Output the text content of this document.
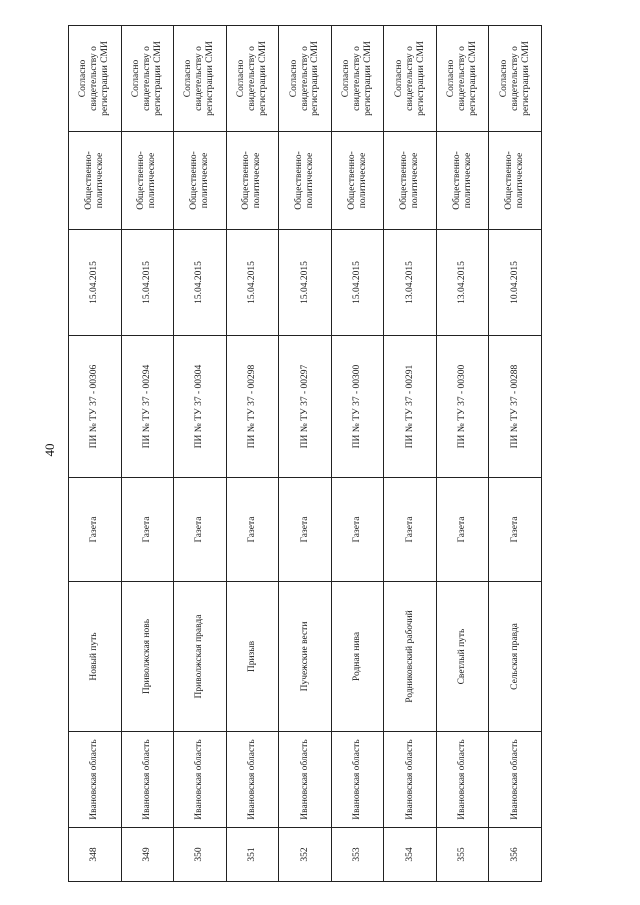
40
348	Ивановская область	Новый путь	Газета	ПИ № ТУ 37 - 00306	15.04.2015	Общественно-политическое	Согласно свидетельству о регистрации СМИ
349	Ивановская область	Приволжская новь	Газета	ПИ № ТУ 37 - 00294	15.04.2015	Общественно-политическое	Согласно свидетельству о регистрации СМИ
350	Ивановская область	Приволжская правда	Газета	ПИ № ТУ 37 - 00304	15.04.2015	Общественно-политическое	Согласно свидетельству о регистрации СМИ
351	Ивановская область	Призыв	Газета	ПИ № ТУ 37 - 00298	15.04.2015	Общественно-политическое	Согласно свидетельству о регистрации СМИ
352	Ивановская область	Пучежские вести	Газета	ПИ № ТУ 37 - 00297	15.04.2015	Общественно-политическое	Согласно свидетельству о регистрации СМИ
353	Ивановская область	Родная нива	Газета	ПИ № ТУ 37 - 00300	15.04.2015	Общественно-политическое	Согласно свидетельству о регистрации СМИ
354	Ивановская область	Родниковский рабочий	Газета	ПИ № ТУ 37 - 00291	13.04.2015	Общественно-политическое	Согласно свидетельству о регистрации СМИ
355	Ивановская область	Светлый путь	Газета	ПИ № ТУ 37 - 00300	13.04.2015	Общественно-политическое	Согласно свидетельству о регистрации СМИ
356	Ивановская область	Сельская правда	Газета	ПИ № ТУ 37 - 00288	10.04.2015	Общественно-политическое	Согласно свидетельству о регистрации СМИ
